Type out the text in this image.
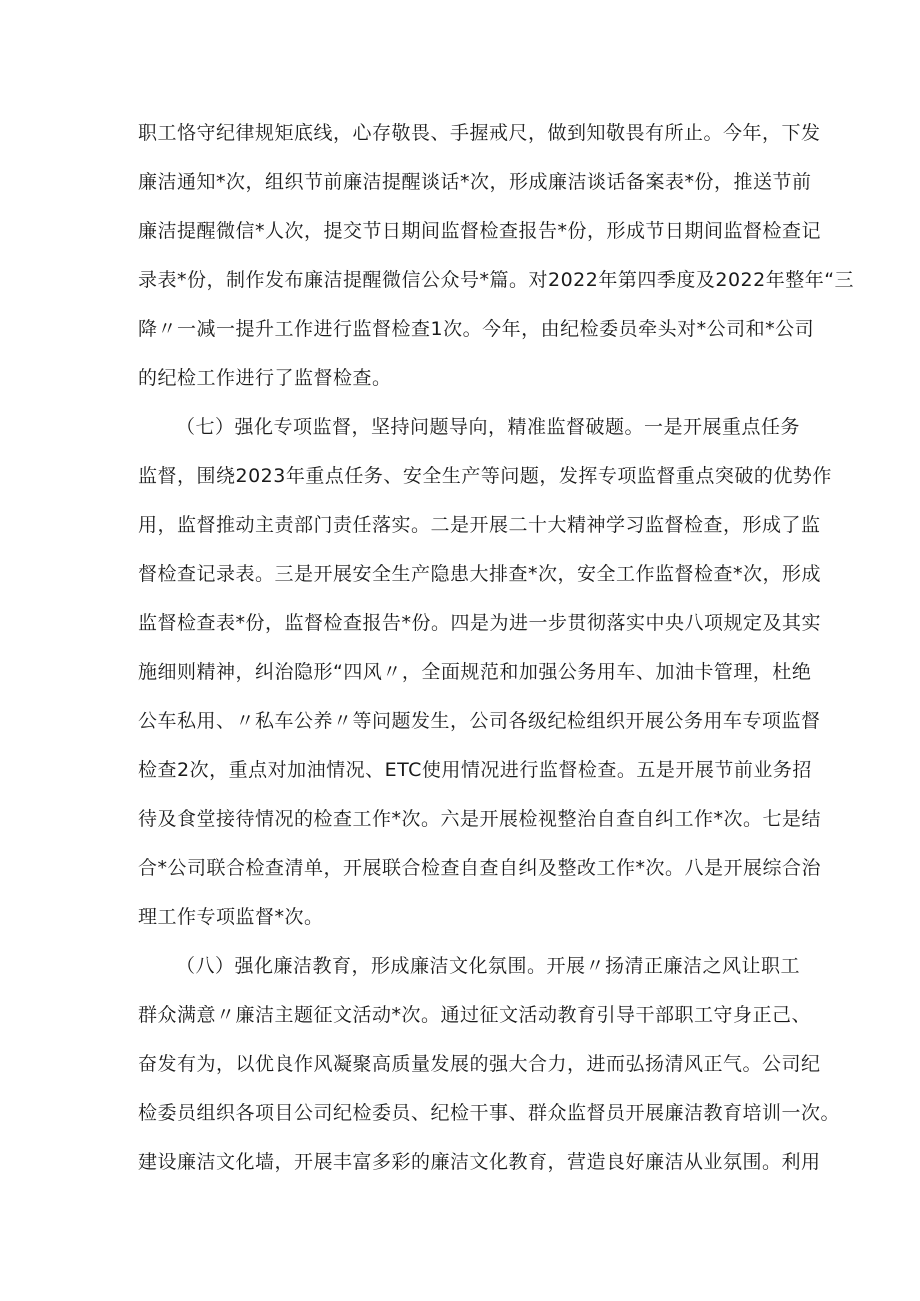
职工恪守纪律规矩底线，心存敬畏、手握戒尺，做到知敬畏有所止。今年，下发
廉洁通知*次，组织节前廉洁提醒谈话*次，形成廉洁谈话备案表*份，推送节前
廉洁提醒微信*人次，提交节日期间监督检查报告*份，形成节日期间监督检查记
录表*份，制作发布廉洁提醒微信公众号*篇。对2022年第四季度及2022年整年“三
降〃一减一提升工作进行监督检查1次。今年，由纪检委员牵头对*公司和*公司
的纪检工作进行了监督检查。
（七）强化专项监督，坚持问题导向，精准监督破题。一是开展重点任务
监督，围绕2023年重点任务、安全生产等问题，发挥专项监督重点突破的优势作
用，监督推动主责部门责任落实。二是开展二十大精神学习监督检查，形成了监
督检查记录表。三是开展安全生产隐患大排查*次，安全工作监督检查*次，形成
监督检查表*份，监督检查报告*份。四是为进一步贯彻落实中央八项规定及其实
施细则精神，纠治隐形“四风〃，全面规范和加强公务用车、加油卡管理，杜绝
公车私用、〃私车公养〃等问题发生，公司各级纪检组织开展公务用车专项监督
检查2次，重点对加油情况、ETC使用情况进行监督检查。五是开展节前业务招
待及食堂接待情况的检查工作*次。六是开展检视整治自查自纠工作*次。七是结
合*公司联合检查清单，开展联合检查自查自纠及整改工作*次。八是开展综合治
理工作专项监督*次。
（八）强化廉洁教育，形成廉洁文化氛围。开展〃扬清正廉洁之风让职工
群众满意〃廉洁主题征文活动*次。通过征文活动教育引导干部职工守身正己、
奋发有为，以优良作风凝聚高质量发展的强大合力，进而弘扬清风正气。公司纪
检委员组织各项目公司纪检委员、纪检干事、群众监督员开展廉洁教育培训一次。
建设廉洁文化墙，开展丰富多彩的廉洁文化教育，营造良好廉洁从业氛围。利用
